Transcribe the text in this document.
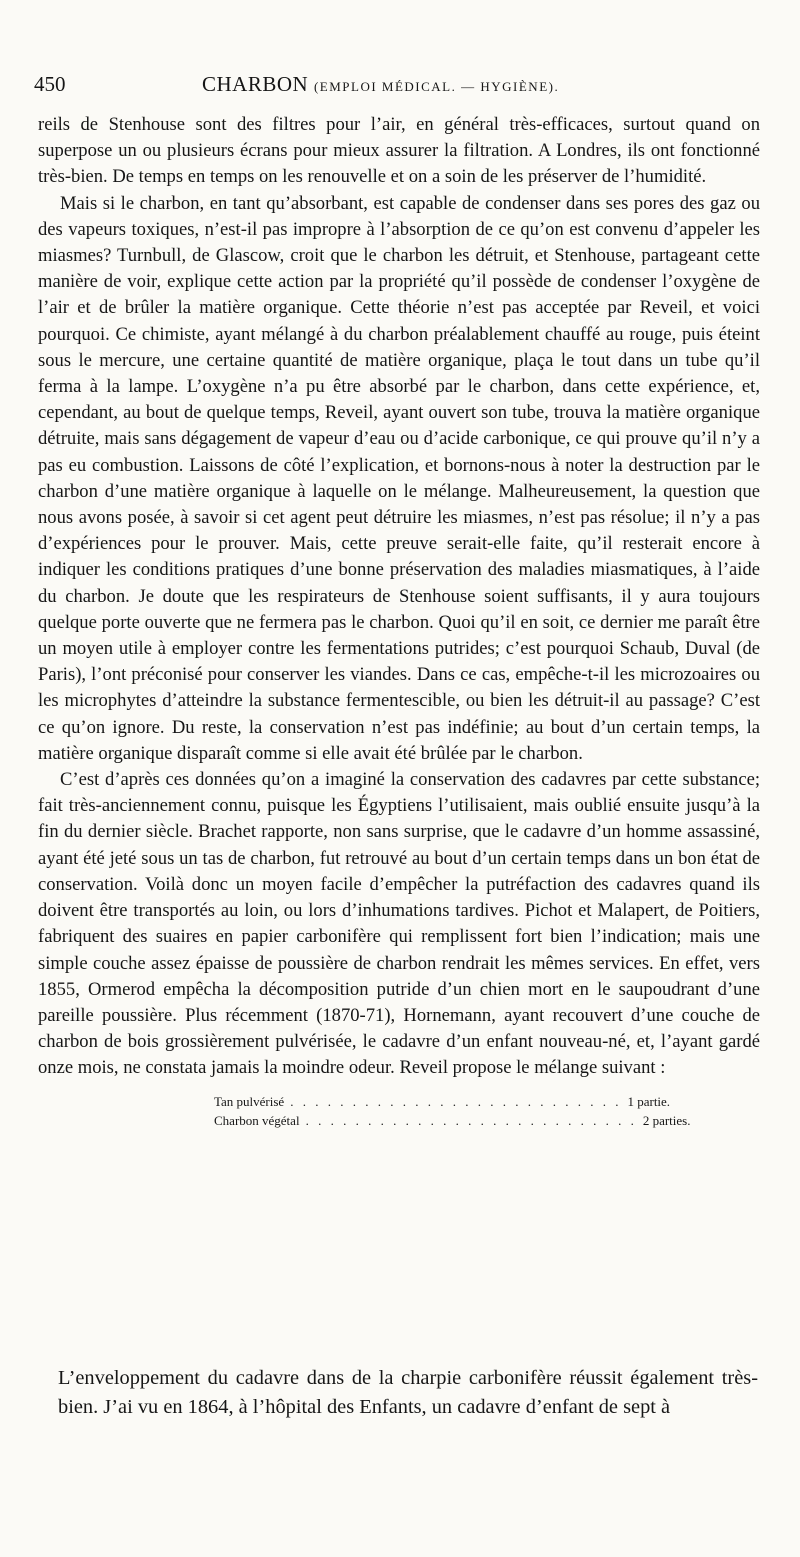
450	CHARBON (EMPLOI MÉDICAL. — HYGIÈNE).

reils de Stenhouse sont des filtres pour l’air, en général très-efficaces, surtout quand on superpose un ou plusieurs écrans pour mieux assurer la filtration. A Londres, ils ont fonctionné très-bien. De temps en temps on les renouvelle et on a soin de les préserver de l’humidité.

Mais si le charbon, en tant qu’absorbant, est capable de condenser dans ses pores des gaz ou des vapeurs toxiques, n’est-il pas impropre à l’absorption de ce qu’on est convenu d’appeler les miasmes? Turnbull, de Glascow, croit que le charbon les détruit, et Stenhouse, partageant cette manière de voir, explique cette action par la propriété qu’il possède de condenser l’oxygène de l’air et de brûler la matière organique. Cette théorie n’est pas acceptée par Reveil, et voici pourquoi. Ce chimiste, ayant mélangé à du charbon préalablement chauffé au rouge, puis éteint sous le mercure, une certaine quantité de matière organique, plaça le tout dans un tube qu’il ferma à la lampe. L’oxygène n’a pu être absorbé par le charbon, dans cette expérience, et, cependant, au bout de quelque temps, Reveil, ayant ouvert son tube, trouva la matière organique détruite, mais sans dégagement de vapeur d’eau ou d’acide carbonique, ce qui prouve qu’il n’y a pas eu combustion. Laissons de côté l’explication, et bornons-nous à noter la destruction par le charbon d’une matière organique à laquelle on le mélange. Malheureusement, la question que nous avons posée, à savoir si cet agent peut détruire les miasmes, n’est pas résolue; il n’y a pas d’expériences pour le prouver. Mais, cette preuve serait-elle faite, qu’il resterait encore à indiquer les conditions pratiques d’une bonne préservation des maladies miasmatiques, à l’aide du charbon. Je doute que les respirateurs de Stenhouse soient suffisants, il y aura toujours quelque porte ouverte que ne fermera pas le charbon. Quoi qu’il en soit, ce dernier me paraît être un moyen utile à employer contre les fermentations putrides; c’est pourquoi Schaub, Duval (de Paris), l’ont préconisé pour conserver les viandes. Dans ce cas, empêche-t-il les microzoaires ou les microphytes d’atteindre la substance fermentescible, ou bien les détruit-il au passage? C’est ce qu’on ignore. Du reste, la conservation n’est pas indéfinie; au bout d’un certain temps, la matière organique disparaît comme si elle avait été brûlée par le charbon.

C’est d’après ces données qu’on a imaginé la conservation des cadavres par cette substance; fait très-anciennement connu, puisque les Égyptiens l’utilisaient, mais oublié ensuite jusqu’à la fin du dernier siècle. Brachet rapporte, non sans surprise, que le cadavre d’un homme assassiné, ayant été jeté sous un tas de charbon, fut retrouvé au bout d’un certain temps dans un bon état de conservation. Voilà donc un moyen facile d’empêcher la putréfaction des cadavres quand ils doivent être transportés au loin, ou lors d’inhumations tardives. Pichot et Malapert, de Poitiers, fabriquent des suaires en papier carbonifère qui remplissent fort bien l’indication; mais une simple couche assez épaisse de poussière de charbon rendrait les mêmes services. En effet, vers 1855, Ormerod empêcha la décomposition putride d’un chien mort en le saupoudrant d’une pareille poussière. Plus récemment (1870-71), Hornemann, ayant recouvert d’une couche de charbon de bois grossièrement pulvérisée, le cadavre d’un enfant nouveau-né, et, l’ayant gardé onze mois, ne constata jamais la moindre odeur. Reveil propose le mélange suivant :

Tan pulvérisé . . . . . . . . . . . . . . . . . . . . . . . . . . . 1 partie.
Charbon végétal . . . . . . . . . . . . . . . . . . . . . . . . . . . 2 parties.

L’enveloppement du cadavre dans de la charpie carbonifère réussit également très-bien. J’ai vu en 1864, à l’hôpital des Enfants, un cadavre d’enfant de sept à
